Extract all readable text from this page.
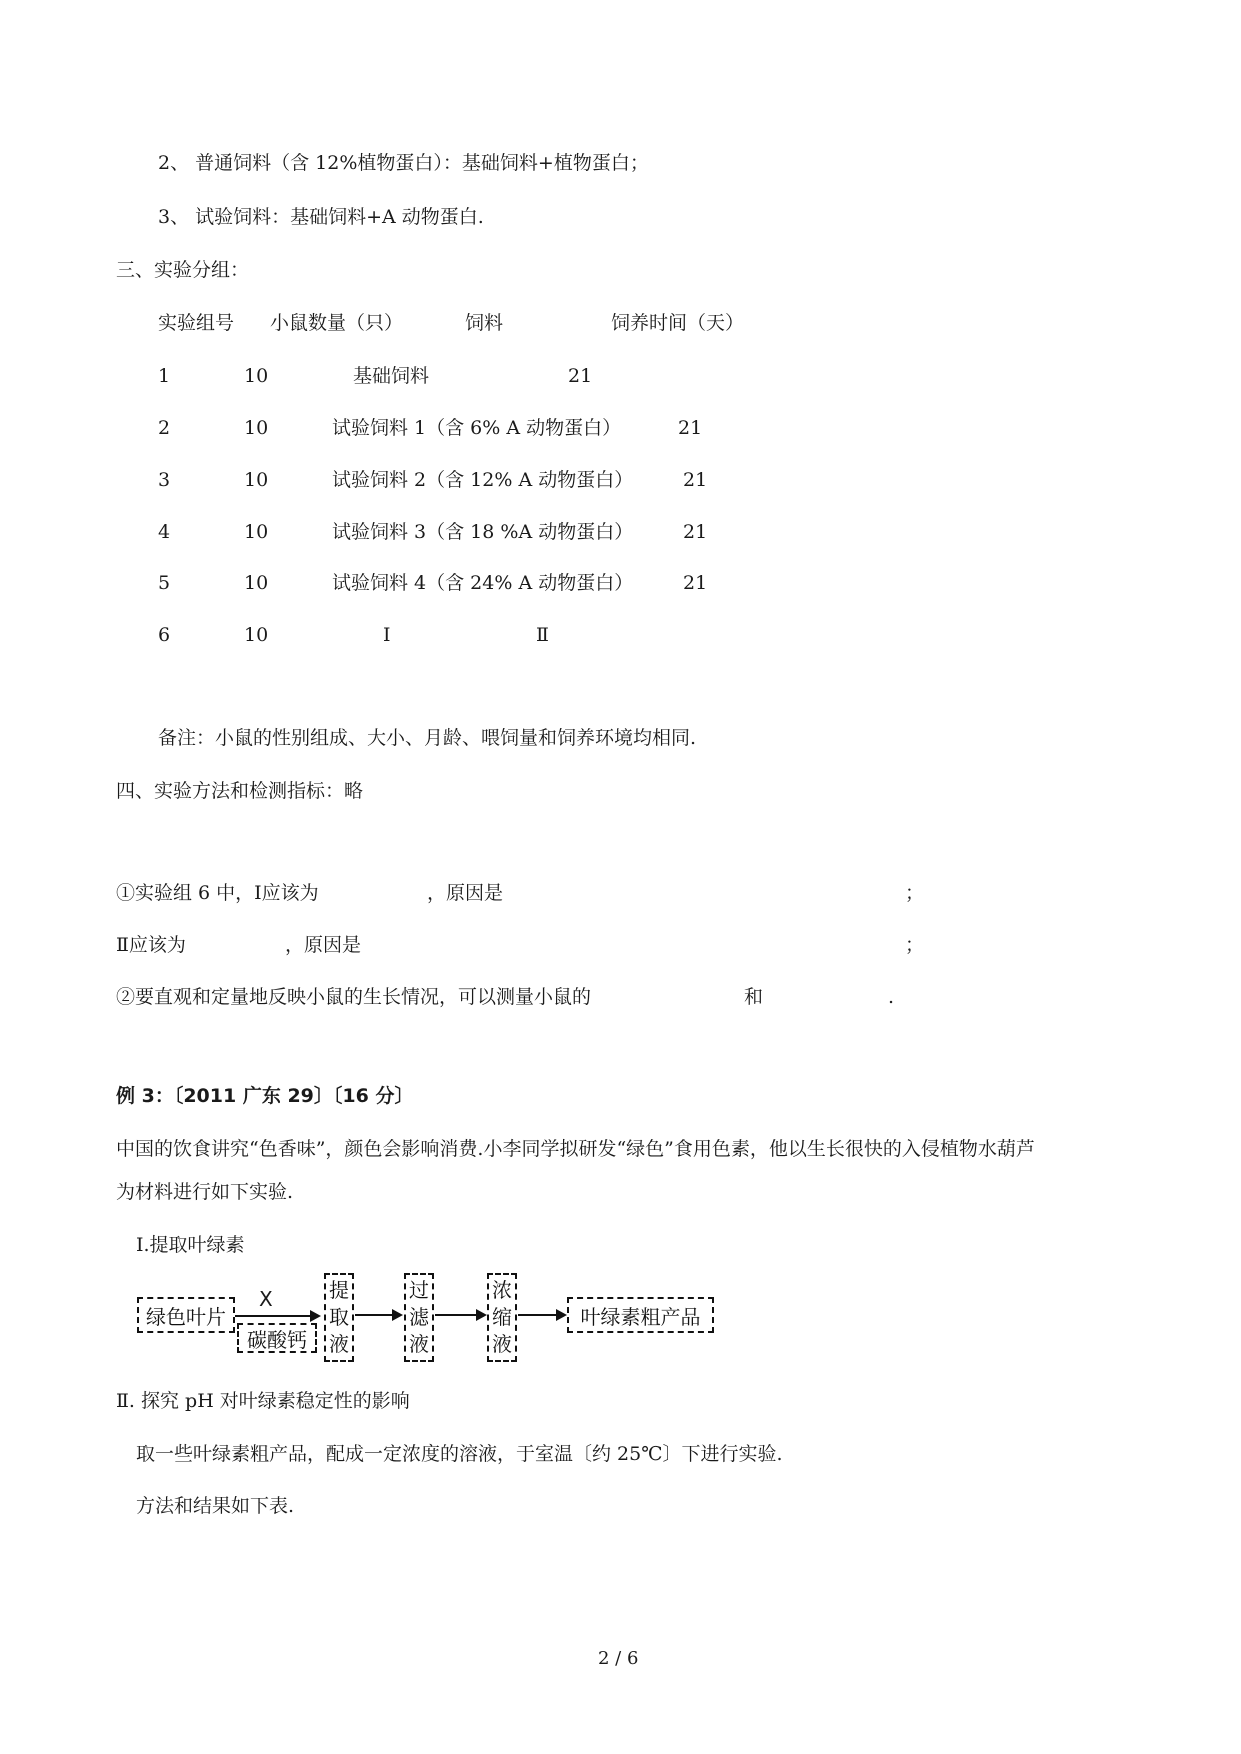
2、 普通饲料（含 12%植物蛋白）：基础饲料+植物蛋白；
3、 试验饲料：基础饲料+A 动物蛋白.
三、实验分组：
实验组号 小鼠数量（只）	饲料	饲养时间（天）
1	10	基础饲料	21
2	10	试验饲料 1（含 6% A 动物蛋白）	21
3	10	试验饲料 2（含 12% A 动物蛋白）	21
4	10	试验饲料 3（含 18 %A 动物蛋白）	21
5	10	试验饲料 4（含 24% A 动物蛋白）	21
6	10	Ⅰ	Ⅱ
备注：小鼠的性别组成、大小、月龄、喂饲量和饲养环境均相同.
四、实验方法和检测指标：略
①实验组 6 中，Ⅰ应该为	，原因是	；
Ⅱ应该为	，原因是	；
②要直观和定量地反映小鼠的生长情况，可以测量小鼠的	和	.
例 3：〔2011 广东 29〕〔16 分〕
中国的饮食讲究“色香味”，颜色会影响消费.小李同学拟研发“绿色”食用色素，他以生长很快的入侵植物水葫芦
为材料进行如下实验.
Ⅰ.提取叶绿素
绿色叶片
X
碳酸钙
提
取
液
过
滤
液
浓
缩
液
叶绿素粗产品
Ⅱ. 探究 pH 对叶绿素稳定性的影响
取一些叶绿素粗产品，配成一定浓度的溶液，于室温〔约 25℃〕下进行实验.
方法和结果如下表.
2 / 6
